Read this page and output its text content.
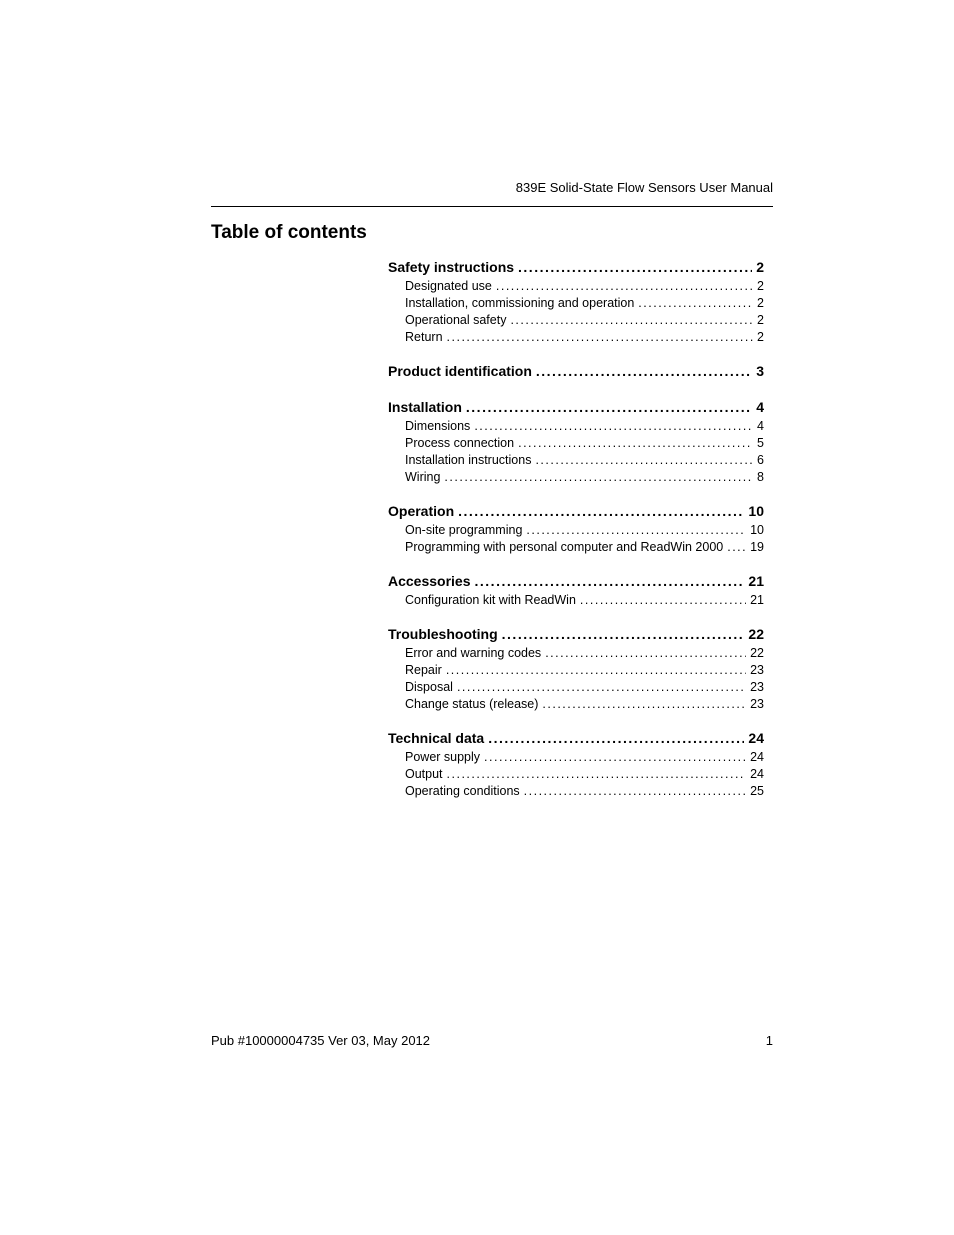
839E Solid-State Flow Sensors User Manual
Table of contents
Safety instructions .....	2
Designated use .....	2
Installation, commissioning and operation .....	2
Operational safety .....	2
Return .....	2
Product identification .....	3
Installation .....	4
Dimensions .....	4
Process connection .....	5
Installation instructions .....	6
Wiring .....	8
Operation .....	10
On-site programming .....	10
Programming with personal computer and ReadWin 2000 ..... 19
Accessories .....	21
Configuration kit with ReadWin .....	21
Troubleshooting .....	22
Error and warning codes .....	22
Repair .....	23
Disposal .....	23
Change status (release) .....	23
Technical data .....	24
Power supply .....	24
Output .....	24
Operating conditions .....	25
Pub #10000004735 Ver 03, May 2012	1
